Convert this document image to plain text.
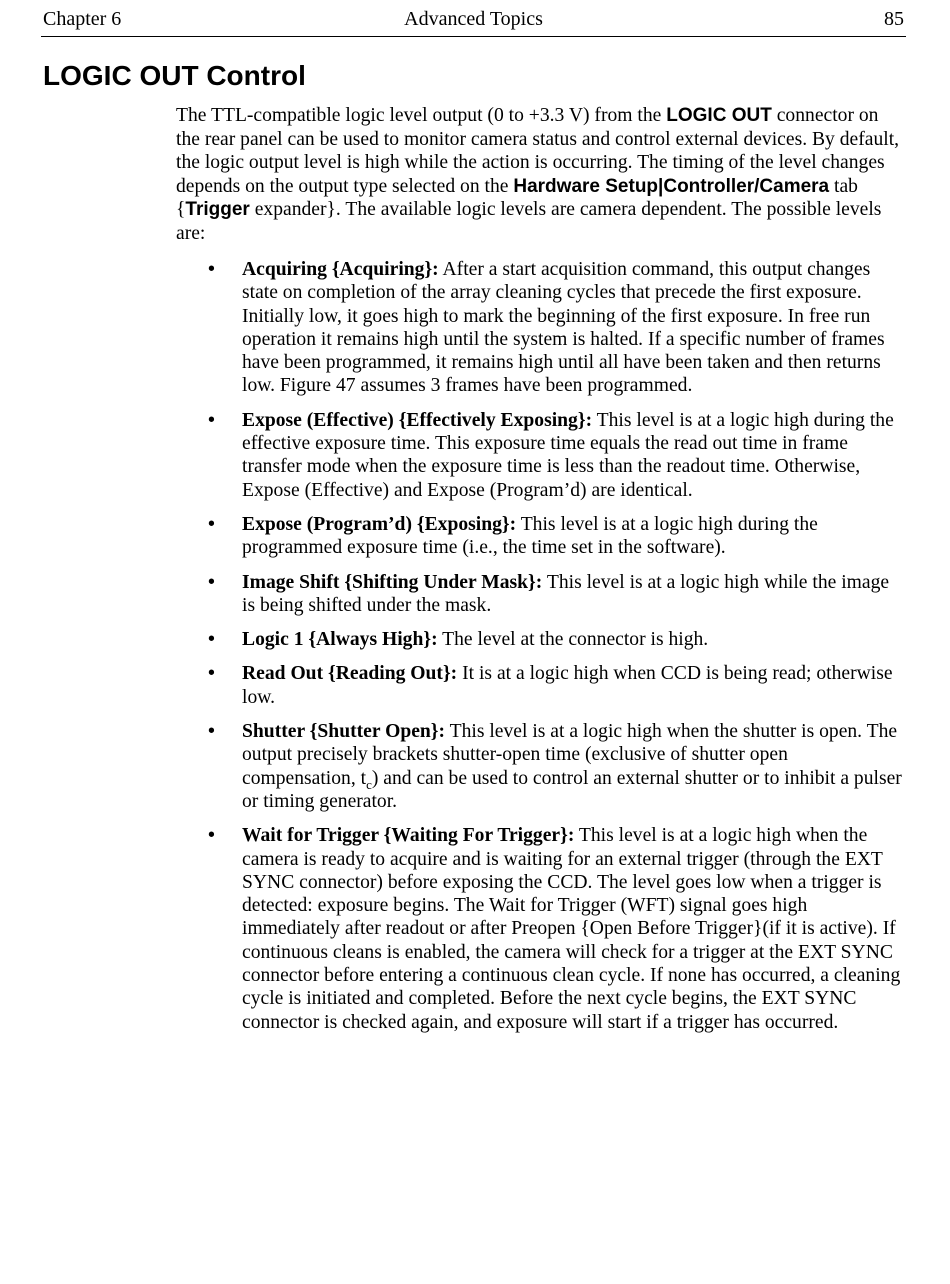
Chapter 6	Advanced Topics	85
LOGIC OUT Control

The TTL-compatible logic level output (0 to +3.3 V) from the LOGIC OUT connector on the rear panel can be used to monitor camera status and control external devices. By default, the logic output level is high while the action is occurring. The timing of the level changes depends on the output type selected on the Hardware Setup|Controller/Camera tab {Trigger expander}. The available logic levels are camera dependent. The possible levels are:

• Acquiring {Acquiring}: After a start acquisition command, this output changes state on completion of the array cleaning cycles that precede the first exposure. Initially low, it goes high to mark the beginning of the first exposure. In free run operation it remains high until the system is halted. If a specific number of frames have been programmed, it remains high until all have been taken and then returns low. Figure 47 assumes 3 frames have been programmed.
• Expose (Effective) {Effectively Exposing}: This level is at a logic high during the effective exposure time. This exposure time equals the read out time in frame transfer mode when the exposure time is less than the readout time. Otherwise, Expose (Effective) and Expose (Program’d) are identical.
• Expose (Program’d) {Exposing}: This level is at a logic high during the programmed exposure time (i.e., the time set in the software).
• Image Shift {Shifting Under Mask}: This level is at a logic high while the image is being shifted under the mask.
• Logic 1 {Always High}: The level at the connector is high.
• Read Out {Reading Out}: It is at a logic high when CCD is being read; otherwise low.
• Shutter {Shutter Open}: This level is at a logic high when the shutter is open. The output precisely brackets shutter-open time (exclusive of shutter open compensation, $t_c$) and can be used to control an external shutter or to inhibit a pulser or timing generator.
• Wait for Trigger {Waiting For Trigger}: This level is at a logic high when the camera is ready to acquire and is waiting for an external trigger (through the EXT SYNC connector) before exposing the CCD. The level goes low when a trigger is detected: exposure begins. The Wait for Trigger (WFT) signal goes high immediately after readout or after Preopen {Open Before Trigger}(if it is active). If continuous cleans is enabled, the camera will check for a trigger at the EXT SYNC connector before entering a continuous clean cycle. If none has occurred, a cleaning cycle is initiated and completed. Before the next cycle begins, the EXT SYNC connector is checked again, and exposure will start if a trigger has occurred.
